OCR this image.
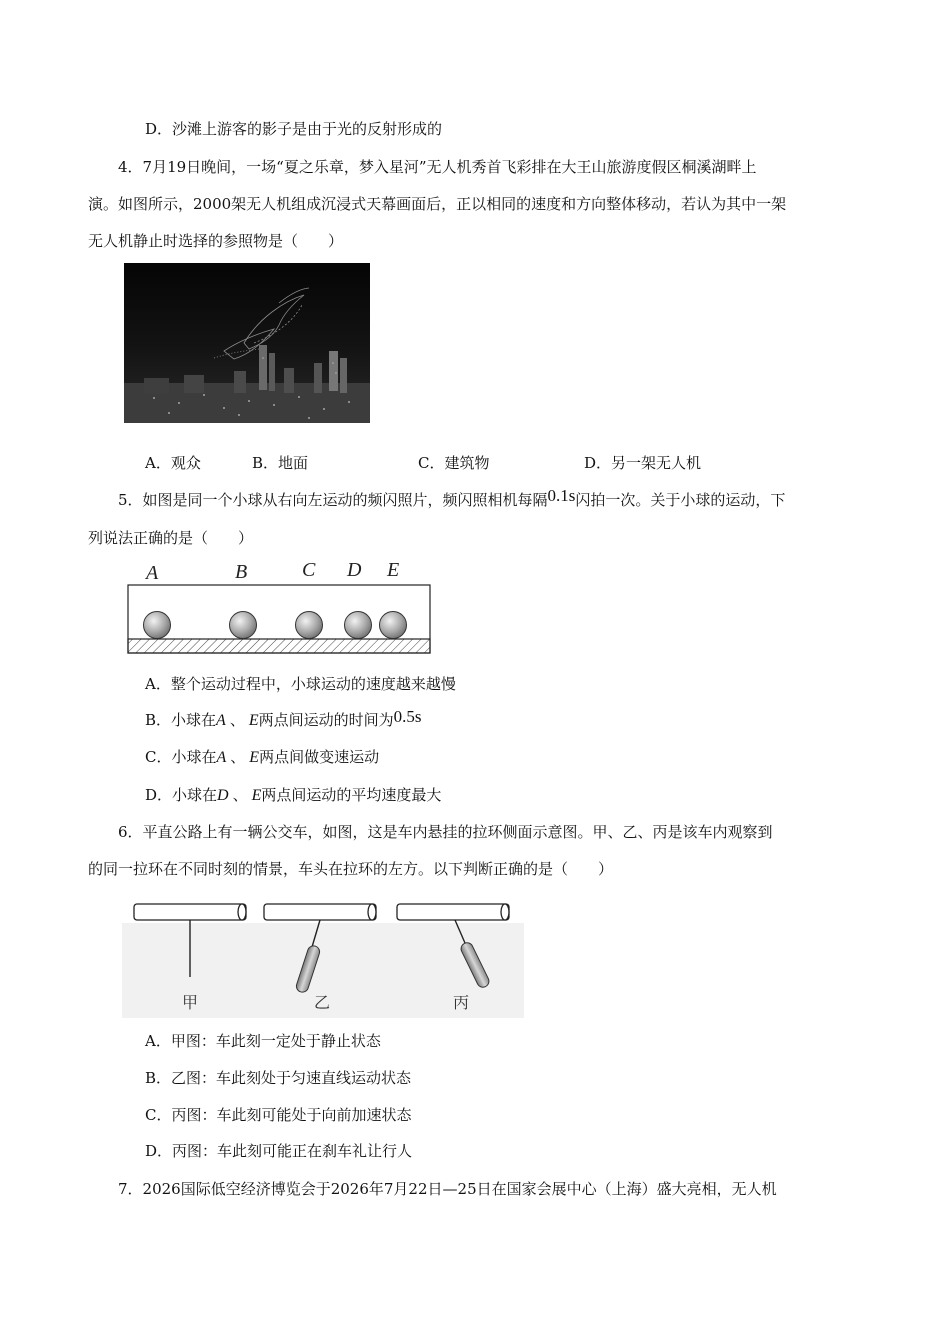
D．沙滩上游客的影子是由于光的反射形成的
4．7月19日晚间，一场“夏之乐章，梦入星河”无人机秀首飞彩排在大王山旅游度假区桐溪湖畔上
演。如图所示，2000架无人机组成沉浸式天幕画面后，正以相同的速度和方向整体移动，若认为其中一架
无人机静止时选择的参照物是（　　）
A．观众	B．地面	C．建筑物	D．另一架无人机
5．如图是同一个小球从右向左运动的频闪照片，频闪照相机每隔0.1s闪拍一次。关于小球的运动，下
列说法正确的是（　　）
A	B	C D E
A．整个运动过程中，小球运动的速度越来越慢
B．小球在A 、 E两点间运动的时间为0.5s
C．小球在A 、 E两点间做变速运动
D．小球在D 、 E两点间运动的平均速度最大
6．平直公路上有一辆公交车，如图，这是车内悬挂的拉环侧面示意图。甲、乙、丙是该车内观察到
的同一拉环在不同时刻的情景，车头在拉环的左方。以下判断正确的是（　　）
甲	乙	丙
A．甲图：车此刻一定处于静止状态
B．乙图：车此刻处于匀速直线运动状态
C．丙图：车此刻可能处于向前加速状态
D．丙图：车此刻可能正在刹车礼让行人
7．2026国际低空经济博览会于2026年7月22日—25日在国家会展中心（上海）盛大亮相，无人机
